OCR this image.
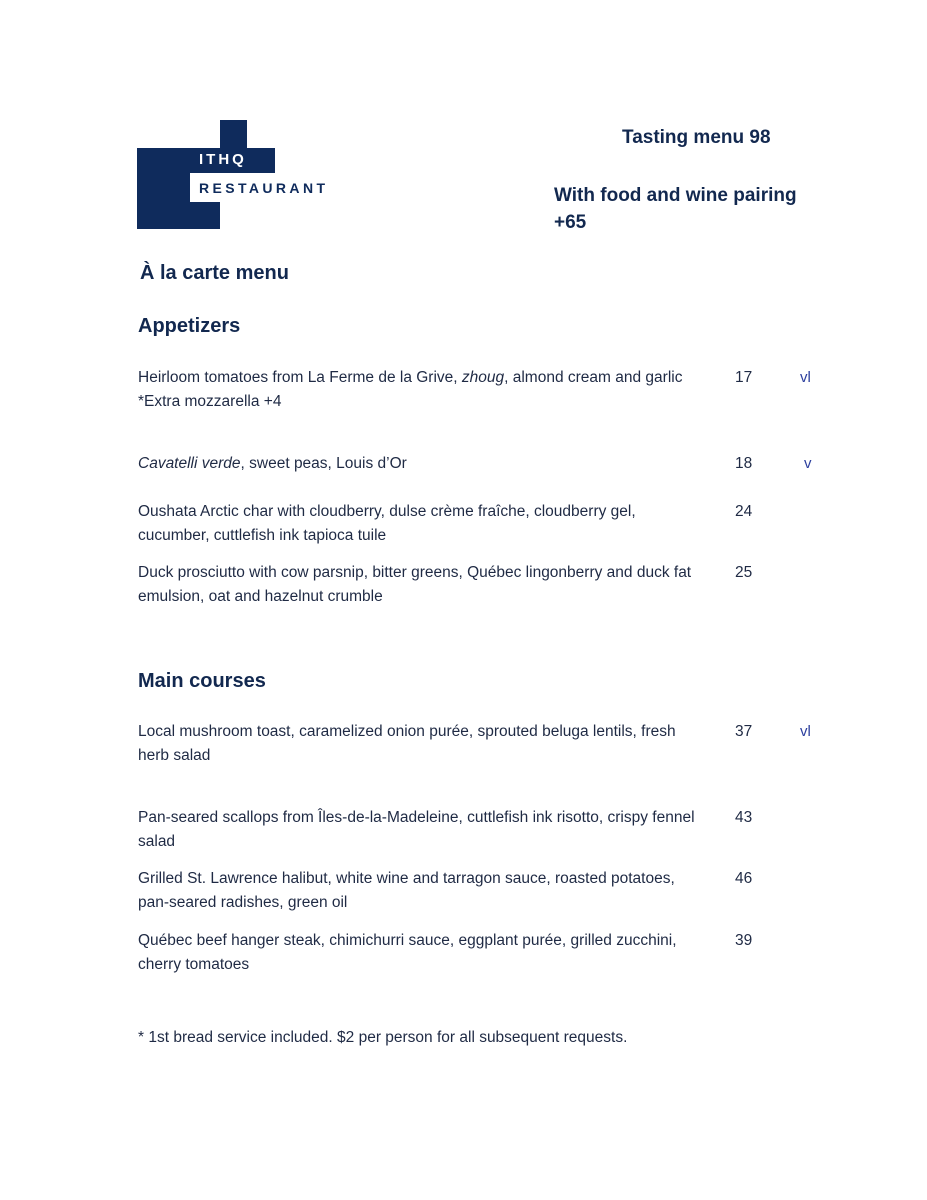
ITHQ
RESTAURANT
Tasting menu 98
With food and wine pairing
+65
À la carte menu
Appetizers
Heirloom tomatoes from La Ferme de la Grive, zhoug, almond cream and garlic
*Extra mozzarella +4
17	vl
Cavatelli verde, sweet peas, Louis d’Or	18	v
Oushata Arctic char with cloudberry, dulse crème fraîche, cloudberry gel, cucumber, cuttlefish ink tapioca tuile
24
Duck prosciutto with cow parsnip, bitter greens, Québec lingonberry and duck fat emulsion, oat and hazelnut crumble
25
Main courses
Local mushroom toast, caramelized onion purée, sprouted beluga lentils, fresh herb salad
37	vl
Pan-seared scallops from Îles-de-la-Madeleine, cuttlefish ink risotto, crispy fennel salad
43
Grilled St. Lawrence halibut, white wine and tarragon sauce, roasted potatoes, pan-seared radishes, green oil
46
Québec beef hanger steak, chimichurri sauce, eggplant purée, grilled zucchini, cherry tomatoes
39
* 1st bread service included. $2 per person for all subsequent requests.
